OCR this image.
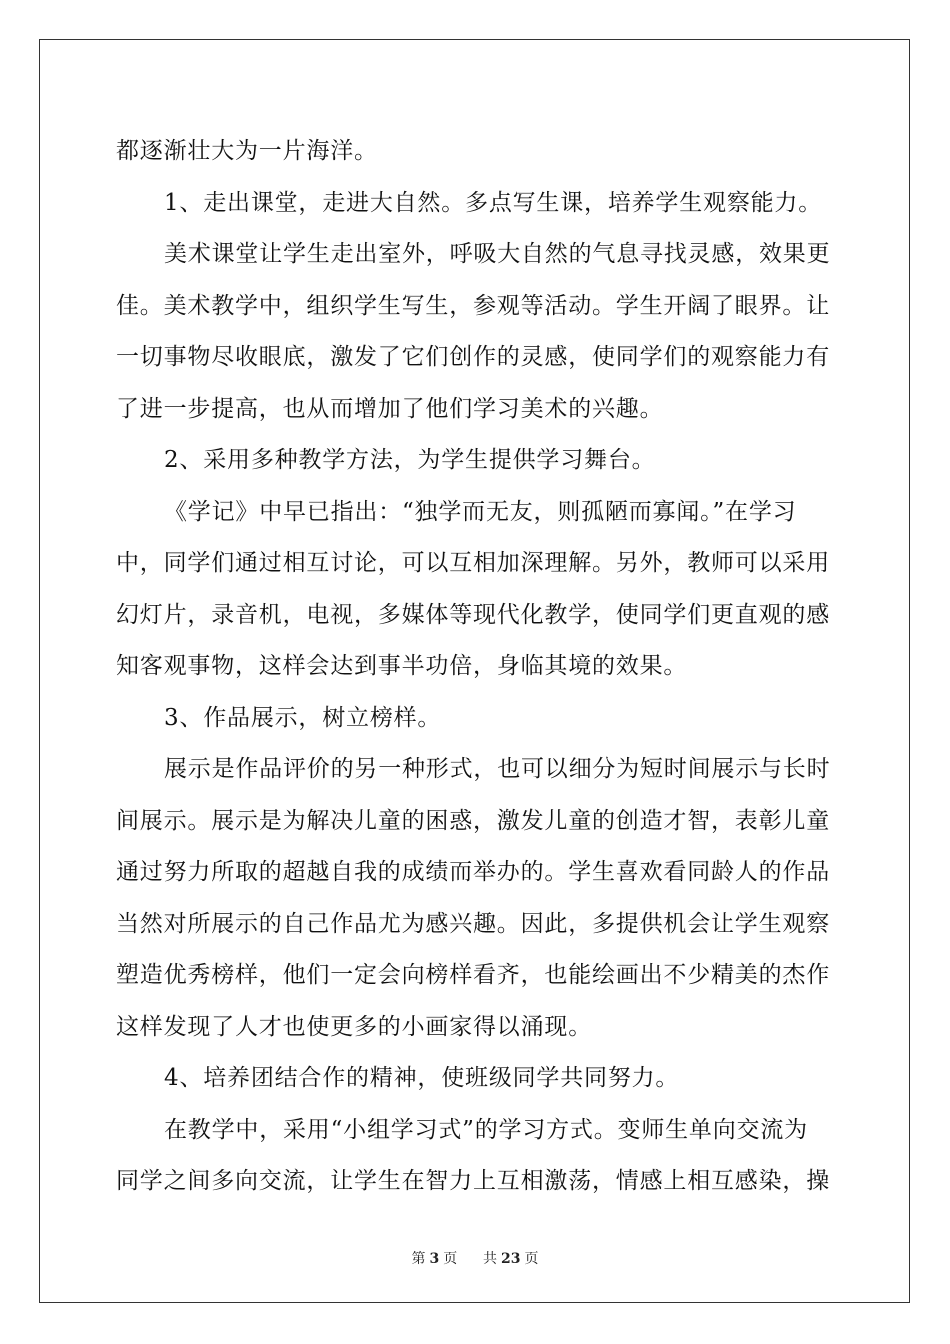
都逐渐壮大为一片海洋。
1、走出课堂，走进大自然。多点写生课，培养学生观察能力。
美术课堂让学生走出室外，呼吸大自然的气息寻找灵感，效果更
佳。美术教学中，组织学生写生，参观等活动。学生开阔了眼界。让
一切事物尽收眼底，激发了它们创作的灵感，使同学们的观察能力有
了进一步提高，也从而增加了他们学习美术的兴趣。
2、采用多种教学方法，为学生提供学习舞台。
《学记》中早已指出：“独学而无友，则孤陋而寡闻。”在学习
中，同学们通过相互讨论，可以互相加深理解。另外，教师可以采用
幻灯片，录音机，电视，多媒体等现代化教学，使同学们更直观的感
知客观事物，这样会达到事半功倍，身临其境的效果。
3、作品展示，树立榜样。
展示是作品评价的另一种形式，也可以细分为短时间展示与长时
间展示。展示是为解决儿童的困惑，激发儿童的创造才智，表彰儿童
通过努力所取的超越自我的成绩而举办的。学生喜欢看同龄人的作品
当然对所展示的自己作品尤为感兴趣。因此，多提供机会让学生观察
塑造优秀榜样，他们一定会向榜样看齐，也能绘画出不少精美的杰作
这样发现了人才也使更多的小画家得以涌现。
4、培养团结合作的精神，使班级同学共同努力。
在教学中，采用“小组学习式”的学习方式。变师生单向交流为
同学之间多向交流，让学生在智力上互相激荡，情感上相互感染，操
第 3 页 共 23 页
